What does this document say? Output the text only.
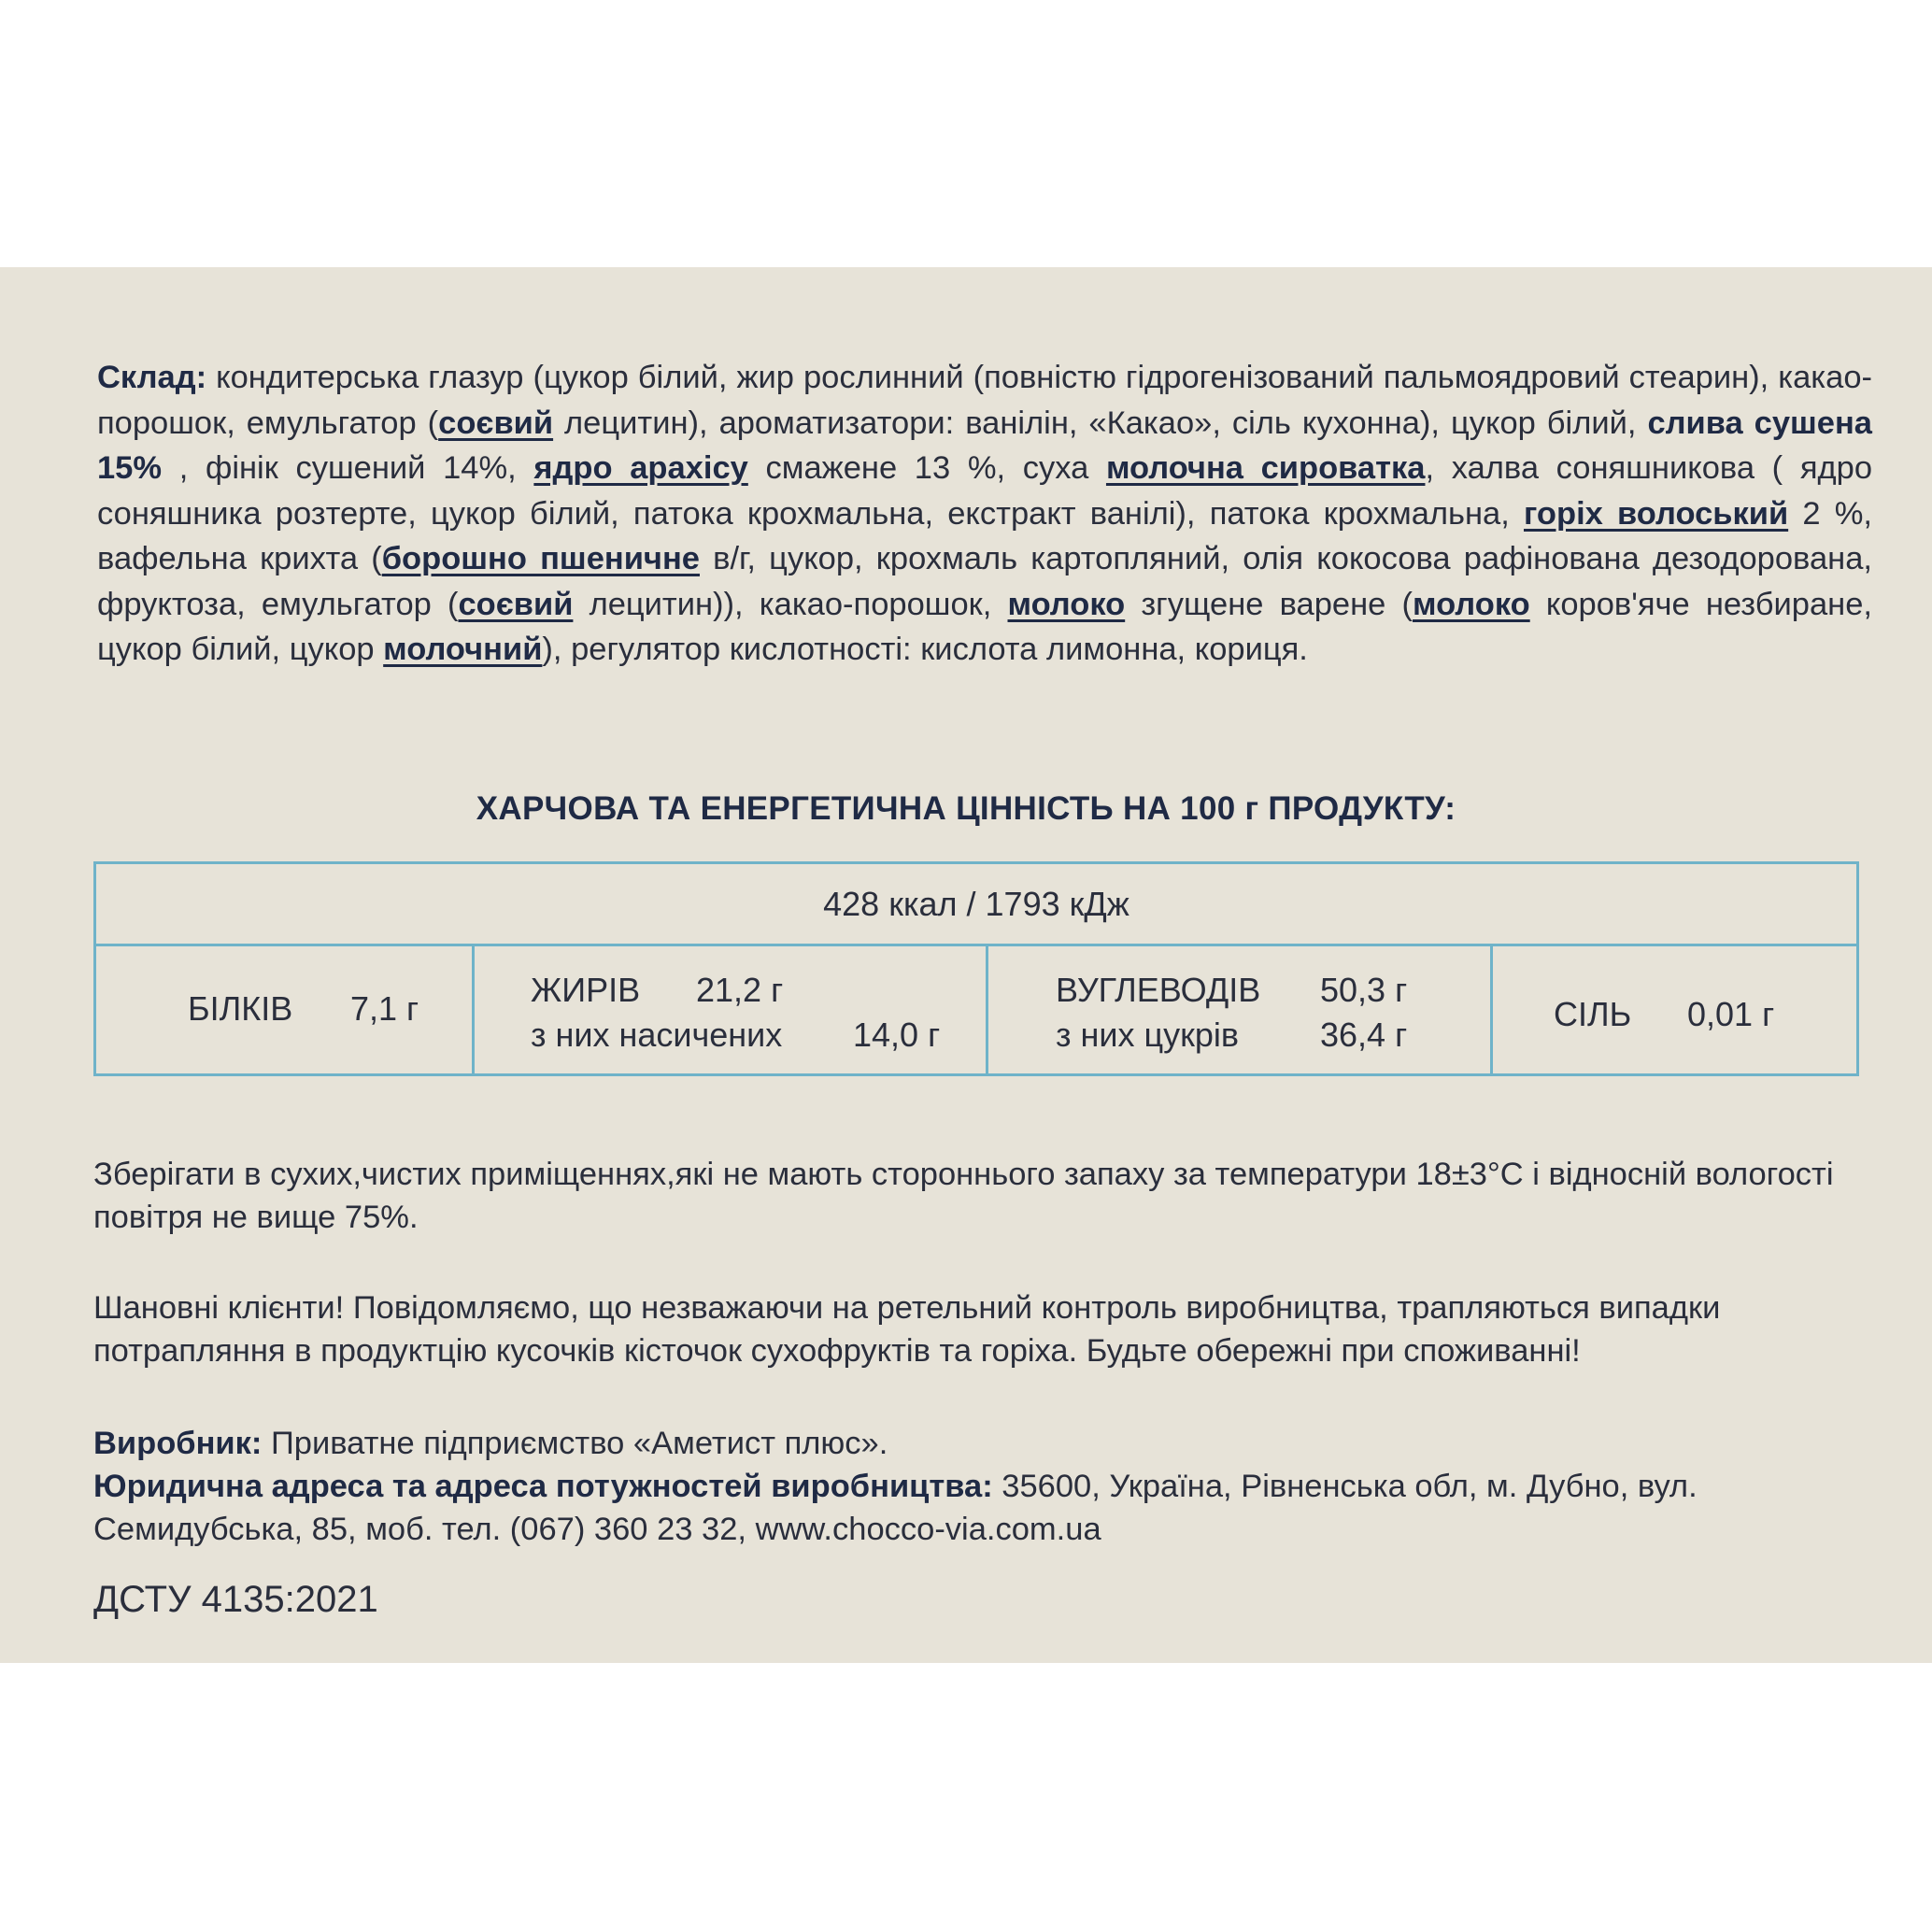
Склад: кондитерська глазур (цукор білий, жир рослинний (повністю гідрогенізований пальмоядровий стеарин), какао-порошок, емульгатор (соєвий лецитин), ароматизатори: ванілін, «Какао», сіль кухонна), цукор білий, слива сушена 15% , фінік сушений 14%, ядро арахісу смажене 13 %, суха молочна сироватка, халва соняшникова ( ядро соняшника розтерте, цукор білий, патока крохмальна, екстракт ванілі), патока крохмальна, горіх волоський 2 %, вафельна крихта (борошно пшеничне в/г, цукор, крохмаль картопляний, олія кокосова рафінована дезодорована, фруктоза, емульгатор (соєвий лецитин)), какао-порошок, молоко згущене варене (молоко коров'яче незбиране, цукор білий, цукор молочний), регулятор кислотності: кислота лимонна, кориця.
ХАРЧОВА ТА ЕНЕРГЕТИЧНА ЦІННІСТЬ НА 100 г ПРОДУКТУ:
428 ккал / 1793 кДж
БІЛКІВ 7,1 г	ЖИРІВ 21,2 г
з них насичених 14,0 г
ВУГЛЕВОДІВ 50,3 г
з них цукрів 36,4 г
СІЛЬ 0,01 г
Зберігати в сухих,чистих приміщеннях,які не мають стороннього запаху за температури 18±3°С і відносній вологості повітря не вище 75%.
Шановні клієнти! Повідомляємо, що незважаючи на ретельний контроль виробництва, трапляються випадки потрапляння в продуктцію кусочків кісточок сухофруктів та горіха. Будьте обережні при споживанні!
Виробник: Приватне підприємство «Аметист плюс».
Юридична адреса та адреса потужностей виробництва: 35600, Україна, Рівненська обл, м. Дубно, вул. Семидубська, 85, моб. тел. (067) 360 23 32, www.chocco-via.com.ua
ДСТУ 4135:2021
